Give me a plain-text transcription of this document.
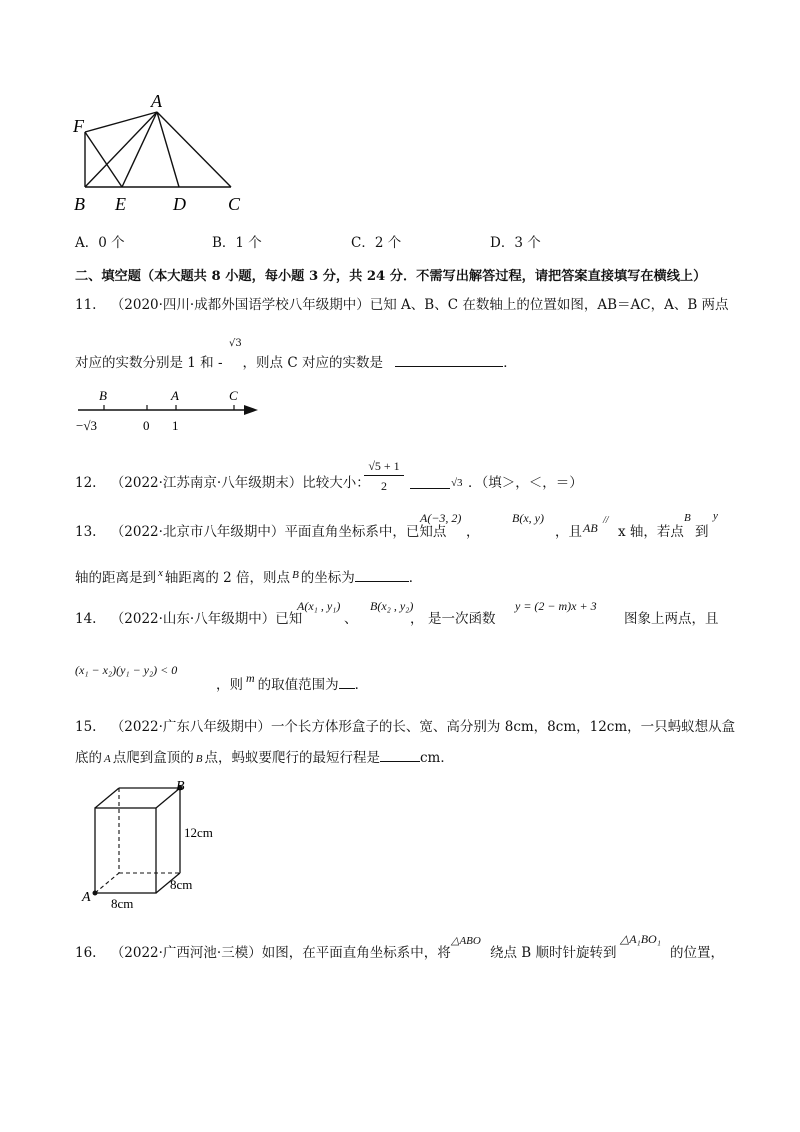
A
F
B E	D C
A．0 个	B．1 个	C．2 个	D．3 个
二、填空题（本大题共 8 小题，每小题 3 分，共 24 分．不需写出解答过程，请把答案直接填写在横线上）
11. （2020·四川·成都外国语学校八年级期中）已知 A、B、C 在数轴上的位置如图，AB＝AC，A、B 两点
√3
对应的实数分别是 1 和 - ，则点 C 对应的实数是	．
B	A	C
−√3	0 1
12. （2022·江苏南京·八年级期末）比较大小：
$\frac{√5 + 1}{2}$	√3 ．（填＞，＜，＝）
13. （2022·北京市八年级期中）平面直角坐标系中，已知点
A(−3, 2)
，
B(x, y)
，且 AB
//
x 轴，若点
B
到
y
轴的距离是到 $^x$ 轴距离的 2 倍，则点 $^B$ 的坐标为	．
14. （2022·山东·八年级期中）已知
A(x₁ , y₁)
、
B(x₂ , y₂)
， 是一次函数
y = (2 − m)x + 3
图象上两点，且
(x₁ − x₂)(y₁ − y₂) < 0
，则 m 的取值范围为 ．
15. （2022·广东八年级期中）一个长方体形盒子的长、宽、高分别为 8cm，8cm，12cm，一只蚂蚁想从盒
底的 A 点爬到盒顶的 B 点，蚂蚁要爬行的最短行程是	cm．
B
A
12cm
8cm
8cm
16. （2022·广西河池·三模）如图，在平面直角坐标系中，将
△ABO
绕点 B 顺时针旋转到
△A₁BO₁
的位置，
